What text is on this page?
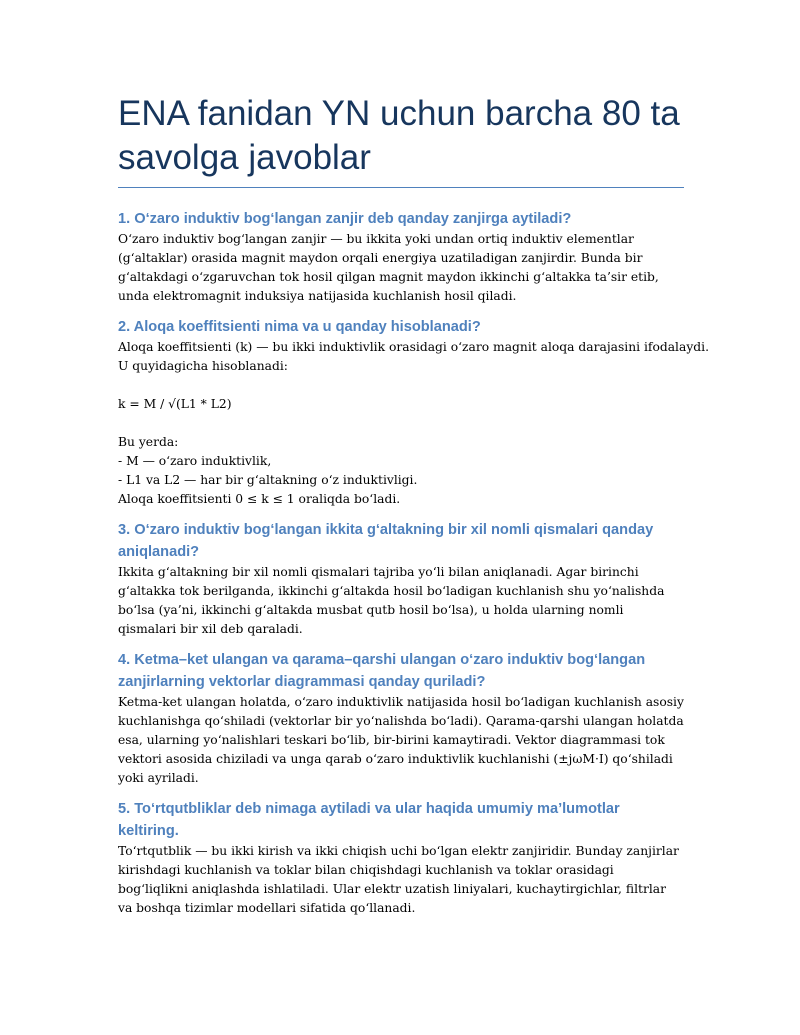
ENA fanidan YN uchun barcha 80 ta savolga javoblar
1. O‘zaro induktiv bog‘langan zanjir deb qanday zanjirga aytiladi?

O‘zaro induktiv bog‘langan zanjir — bu ikkita yoki undan ortiq induktiv elementlar (g‘altaklar) orasida magnit maydon orqali energiya uzatiladigan zanjirdir. Bunda bir g‘altakdagi o‘zgaruvchan tok hosil qilgan magnit maydon ikkinchi g‘altakka ta’sir etib, unda elektromagnit induksiya natijasida kuchlanish hosil qiladi.

2. Aloqa koeffitsienti nima va u qanday hisoblanadi?
Aloqa koeffitsienti (k) — bu ikki induktivlik orasidagi o‘zaro magnit aloqa darajasini ifodalaydi.
U quyidagicha hisoblanadi:
k = M / √(L1 * L2)
Bu yerda:
- M — o‘zaro induktivlik,
- L1 va L2 — har bir g‘altakning o‘z induktivligi.
Aloqa koeffitsienti 0 ≤ k ≤ 1 oraliqda bo‘ladi.
3. O‘zaro induktiv bog‘langan ikkita g‘altakning bir xil nomli qismalari qanday aniqlanadi?

Ikkita g‘altakning bir xil nomli qismalari tajriba yo‘li bilan aniqlanadi. Agar birinchi g‘altakka tok berilganda, ikkinchi g‘altakda hosil bo‘ladigan kuchlanish shu yo‘nalishda bo‘lsa (ya’ni, ikkinchi g‘altakda musbat qutb hosil bo‘lsa), u holda ularning nomli qismalari bir xil deb qaraladi.

4. Ketma–ket ulangan va qarama–qarshi ulangan o‘zaro induktiv bog‘langan zanjirlarning vektorlar diagrammasi qanday quriladi?

Ketma-ket ulangan holatda, o‘zaro induktivlik natijasida hosil bo‘ladigan kuchlanish asosiy kuchlanishga qo‘shiladi (vektorlar bir yo‘nalishda bo‘ladi). Qarama-qarshi ulangan holatda esa, ularning yo‘nalishlari teskari bo‘lib, bir-birini kamaytiradi. Vektor diagrammasi tok vektori asosida chiziladi va unga qarab o‘zaro induktivlik kuchlanishi (±jωM·I) qo‘shiladi yoki ayriladi.

5. To‘rtqutbliklar deb nimaga aytiladi va ular haqida umumiy ma’lumotlar keltiring.

To‘rtqutblik — bu ikki kirish va ikki chiqish uchi bo‘lgan elektr zanjiridir. Bunday zanjirlar kirishdagi kuchlanish va toklar bilan chiqishdagi kuchlanish va toklar orasidagi bog‘liqlikni aniqlashda ishlatiladi. Ular elektr uzatish liniyalari, kuchaytirgichlar, filtrlar va boshqa tizimlar modellari sifatida qo‘llanadi.
